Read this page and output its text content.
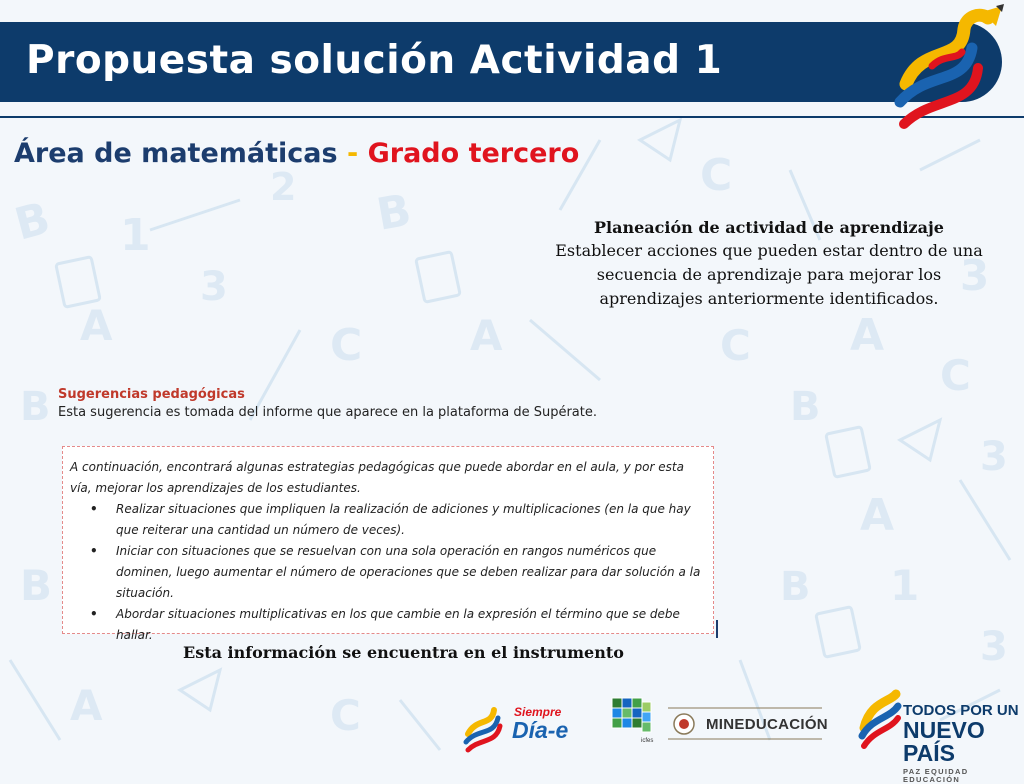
B 1
3
A	C
B
A
C
A
B
3
C
3
A
B 1
3
B
A	C
B
2
C
Propuesta solución Actividad 1
Área de matemáticas - Grado tercero
Planeación de actividad de aprendizaje
Establecer acciones que pueden estar dentro de una
secuencia de aprendizaje para mejorar los
aprendizajes anteriormente identificados.
Sugerencias pedagógicas
Esta sugerencia es tomada del informe que aparece en la plataforma de Supérate.
A continuación, encontrará algunas estrategias pedagógicas que puede abordar en el aula, y por esta vía, mejorar los aprendizajes de los estudiantes.
• Realizar situaciones que impliquen la realización de adiciones y multiplicaciones (en la que hay que reiterar una cantidad un número de veces).
• Iniciar con situaciones que se resuelvan con una sola operación en rangos numéricos que dominen, luego aumentar el número de operaciones que se deben realizar para dar solución a la situación.
• Abordar situaciones multiplicativas en los que cambie en la expresión el término que se debe hallar.
Esta información se encuentra en el instrumento
Siempre
Día-e	icfes
MINEDUCACIÓN
TODOS POR UN
NUEVO PAÍS
PAZ EQUIDAD EDUCACIÓN
